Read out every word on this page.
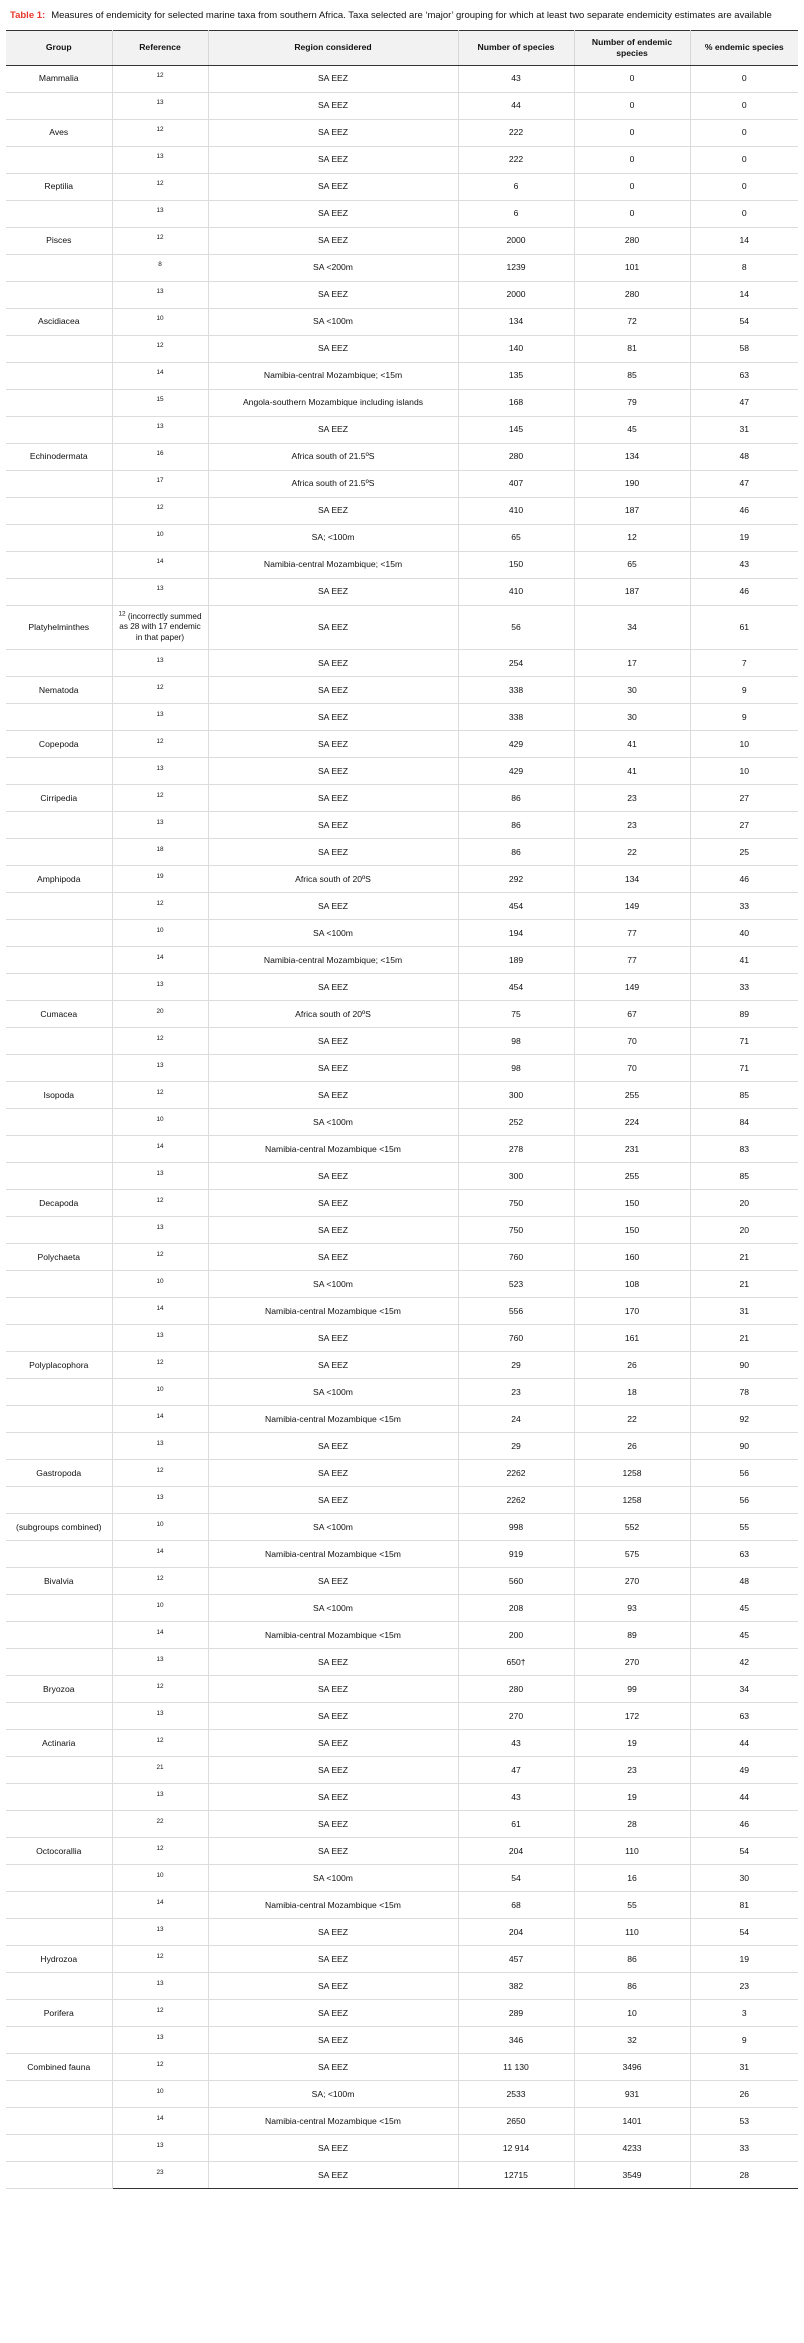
Table 1: Measures of endemicity for selected marine taxa from southern Africa. Taxa selected are ‘major’ grouping for which at least two separate endemicity estimates are available
Group	Reference	Region considered	Number of species	Number of endemic species	% endemic species
Mammalia	$^{12}$	SA EEZ	43	0	0
	$^{13}$	SA EEZ	44	0	0
Aves	$^{12}$	SA EEZ	222	0	0
	$^{13}$	SA EEZ	222	0	0
Reptilia	$^{12}$	SA EEZ	6	0	0
	$^{13}$	SA EEZ	6	0	0
Pisces	$^{12}$	SA EEZ	2000	280	14
	$^8$	SA <200m	1239	101	8
	$^{13}$	SA EEZ	2000	280	14
Ascidiacea	$^{10}$	SA <100m	134	72	54
	$^{12}$	SA EEZ	140	81	58
	$^{14}$	Namibia-central Mozambique; <15m	135	85	63
	$^{15}$	Angola-southern Mozambique including islands	168	79	47
	$^{13}$	SA EEZ	145	45	31
Echinodermata	$^{16}$	Africa south of 21.5ºS	280	134	48
	$^{17}$	Africa south of 21.5ºS	407	190	47
	$^{12}$	SA EEZ	410	187	46
	$^{10}$	SA; <100m	65	12	19
	$^{14}$	Namibia-central Mozambique; <15m	150	65	43
	$^{13}$	SA EEZ	410	187	46
Platyhelminthes	$^{12}$ (incorrectly summed as 28 with 17 endemic in that paper)	SA EEZ	56	34	61
	$^{13}$	SA EEZ	254	17	7
Nematoda	$^{12}$	SA EEZ	338	30	9
	$^{13}$	SA EEZ	338	30	9
Copepoda	$^{12}$	SA EEZ	429	41	10
	$^{13}$	SA EEZ	429	41	10
Cirripedia	$^{12}$	SA EEZ	86	23	27
	$^{13}$	SA EEZ	86	23	27
	$^{18}$	SA EEZ	86	22	25
Amphipoda	$^{19}$	Africa south of 20ºS	292	134	46
	$^{12}$	SA EEZ	454	149	33
	$^{10}$	SA <100m	194	77	40
	$^{14}$	Namibia-central Mozambique; <15m	189	77	41
	$^{13}$	SA EEZ	454	149	33
Cumacea	$^{20}$	Africa south of 20ºS	75	67	89
	$^{12}$	SA EEZ	98	70	71
	$^{13}$	SA EEZ	98	70	71
Isopoda	$^{12}$	SA EEZ	300	255	85
	$^{10}$	SA <100m	252	224	84
	$^{14}$	Namibia-central Mozambique <15m	278	231	83
	$^{13}$	SA EEZ	300	255	85
Decapoda	$^{12}$	SA EEZ	750	150	20
	$^{13}$	SA EEZ	750	150	20
Polychaeta	$^{12}$	SA EEZ	760	160	21
	$^{10}$	SA <100m	523	108	21
	$^{14}$	Namibia-central Mozambique <15m	556	170	31
	$^{13}$	SA EEZ	760	161	21
Polyplacophora	$^{12}$	SA EEZ	29	26	90
	$^{10}$	SA <100m	23	18	78
	$^{14}$	Namibia-central Mozambique <15m	24	22	92
	$^{13}$	SA EEZ	29	26	90
Gastropoda	$^{12}$	SA EEZ	2262	1258	56
	$^{13}$	SA EEZ	2262	1258	56
(subgroups combined)	$^{10}$	SA <100m	998	552	55
	$^{14}$	Namibia-central Mozambique <15m	919	575	63
Bivalvia	$^{12}$	SA EEZ	560	270	48
	$^{10}$	SA <100m	208	93	45
	$^{14}$	Namibia-central Mozambique <15m	200	89	45
	$^{13}$	SA EEZ	650†	270	42
Bryozoa	$^{12}$	SA EEZ	280	99	34
	$^{13}$	SA EEZ	270	172	63
Actinaria	$^{12}$	SA EEZ	43	19	44
	$^{21}$	SA EEZ	47	23	49
	$^{13}$	SA EEZ	43	19	44
	$^{22}$	SA EEZ	61	28	46
Octocorallia	$^{12}$	SA EEZ	204	110	54
	$^{10}$	SA <100m	54	16	30
	$^{14}$	Namibia-central Mozambique <15m	68	55	81
	$^{13}$	SA EEZ	204	110	54
Hydrozoa	$^{12}$	SA EEZ	457	86	19
	$^{13}$	SA EEZ	382	86	23
Porifera	$^{12}$	SA EEZ	289	10	3
	$^{13}$	SA EEZ	346	32	9
Combined fauna	$^{12}$	SA EEZ	11 130	3496	31
	$^{10}$	SA; <100m	2533	931	26
	$^{14}$	Namibia-central Mozambique <15m	2650	1401	53
	$^{13}$	SA EEZ	12 914	4233	33
	$^{23}$	SA EEZ	12715	3549	28
